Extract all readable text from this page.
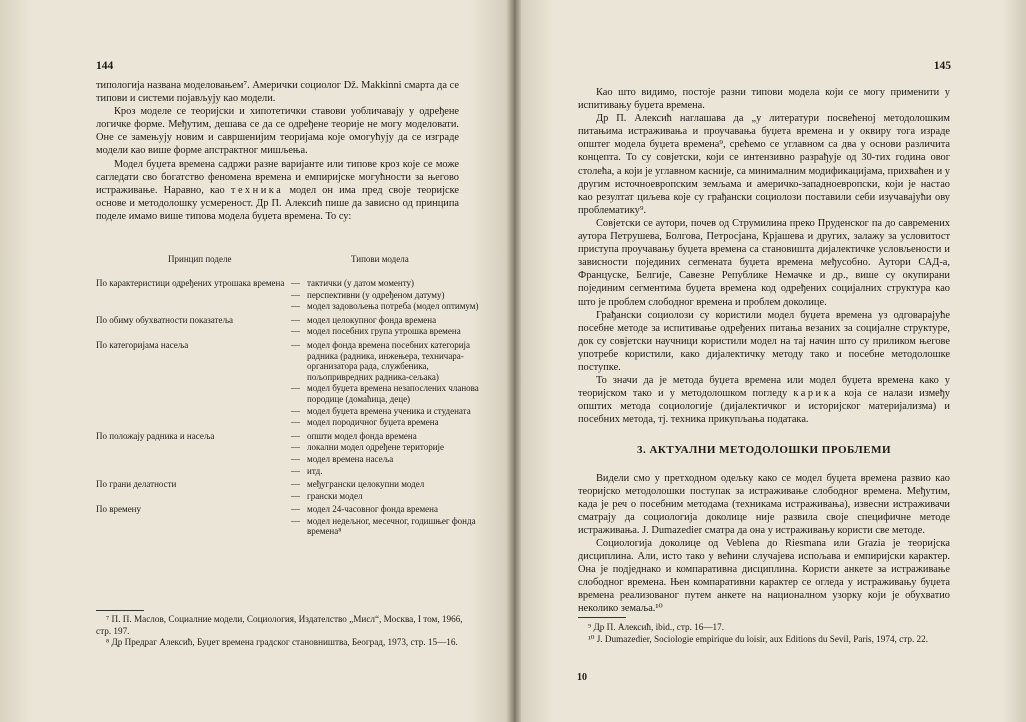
144

типологија названа моделовањем⁷. Амерички социолог Dž. Makkinni смарта да се типови и системи појављују као модели.

Кроз моделе се теоријски и хипотетички ставови уобличавају у одређене логичке форме. Међутим, дешава се да се одређене теорије не могу моделовати. Оне се замењују новим и савршенијим теоријама које омогућују да се изграде модели као више форме апстрактног мишљења.

Модел буџета времена садржи разне варијанте или типове кроз које се може сагледати сво богатство феномена времена и емпиријске могућности за његово истраживање. Наравно, као техника модел он има пред своје теоријске основе и методолошку усмереност. Др П. Алексић пише да зависно од принципа поделе имамо више типова модела буџета времена. То су:

Принцип поделе	Типови модела
По карактеристици одређених утрошака времена — тактички (у датом моменту)
— перспективни (у одређеном датуму)
— модел задовољења потреба (модел оптимум)
По обиму обухватности показатеља	— модел целокупног фонда времена
— модел посебних група утрошка времена
По категоријама насеља	— модел фонда времена посебних категорија радника (радника, инжењера, техничара-организатора рада, службеника, пољопривредних радника-сељака)
— модел буџета времена незапослених чланова породице (домаћица, деце)
— модел буџета времена ученика и студената
— модел породичног буџета времена
По положају радника и насеља	— општи модел фонда времена
— локални модел одређене територије
— модел времена насеља
— итд.
По грани делатности	— међугрански целокупни модел
— грански модел
По времену	— модел 24-часовног фонда времена
— модел недељног, месечног, годишњег фонда времена⁸

⁷ П. П. Маслов, Социалние модели, Социология, Издателство „Мисл“, Москва, I том, 1966, стр. 197.

⁸ Др Предраг Алексић, Буџет времена градског становништва, Београд, 1973, стр. 15—16.

145

Као што видимо, постоје разни типови модела који се могу применити у испитивању буџета времена.

Др П. Алексић наглашава да „у литератури посвећеној методолошким питањима истраживања и проучавања буџета времена и у оквиру тога израде општег модела буџета времена⁹, срећемо се углавном са два у основи различита концепта. То су совјетски, који се интензивно разрађује од 30-тих година овог столећа, а који је углавном касније, са минималним модификацијама, прихваћен и у другим источноевропским земљама и америчко-западноевропски, који је настао као резултат циљева које су грађански социолози поставили себи изучавајући ову проблематику⁹.

Совјетски се аутори, почев од Струмилина преко Пруденског па до савремених аутора Петрушева, Болгова, Петросјана, Крјашева и других, залажу за условитост приступа проучавању буџета времена са становишта дијалектичке условљености и зависности појединих сегмената буџета времена међусобно. Аутори САД-а, Француске, Белгије, Савезне Републике Немачке и др., више су окупирани појединим сегментима буџета времена код одређених социјалних структура као што је проблем слободног времена и проблем доколице.

Грађански социолози су користили модел буџета времена уз одговарајуће посебне методе за испитивање одређених питања везаних за социјалне структуре, док су совјетски научници користили модел на тај начин што су приликом његове употребе користили, како дијалектичку методу тако и посебне методолошке поступке.

То значи да је метода буџета времена или модел буџета времена како у теоријском тако и у методолошком погледу карика која се налази између општих метода социологије (дијалектичког и историјског материјализма) и посебних метода, тј. техника прикупљања података.

3. АКТУАЛНИ МЕТОДОЛОШКИ ПРОБЛЕМИ

Видели смо у претходном одељку како се модел буџета времена развио као теоријско методолошки поступак за истраживање слободног времена. Међутим, када је реч о посебним методама (техникама истраживања), извесни истраживачи сматрају да социологија доколице није развила своје специфичне методе истраживања. J. Dumazedier сматра да она у истраживању користи све методе.

Социологија доколице од Veblena до Riesmana или Grazia је теоријска дисциплина. Али, исто тако у већини случајева испољава и емпиријски карактер. Она је подједнако и компаративна дисциплина. Користи анкете за истраживање слободног времена. Њен компаративни карактер се огледа у истраживању буџета времена реализованог путем анкете на националном узорку који је обухватио неколико земаља.¹⁰

⁹ Др П. Алексић, ibid., стр. 16—17.

¹⁰ J. Dumazedier, Sociologie empirique du loisir, aux Editions du Sevil, Paris, 1974, стр. 22.

10
